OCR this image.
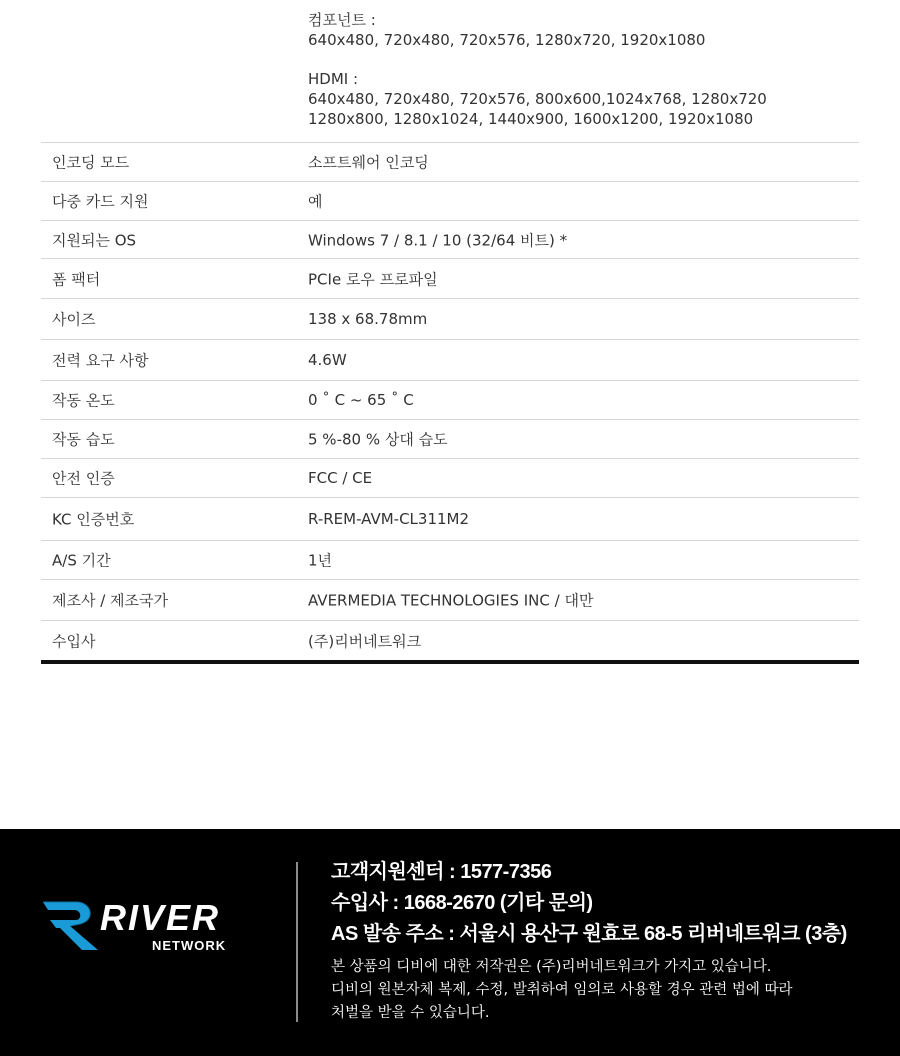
컴포넌트 :
640x480, 720x480, 720x576, 1280x720, 1920x1080
HDMI :
640x480, 720x480, 720x576, 800x600,1024x768, 1280x720
1280x800, 1280x1024, 1440x900, 1600x1200, 1920x1080
인코딩 모드	소프트웨어 인코딩
다중 카드 지원	예
지원되는 OS	Windows 7 / 8.1 / 10 (32/64 비트) *
폼 팩터	PCIe 로우 프로파일
사이즈	138 x 68.78mm
전력 요구 사항	4.6W
작동 온도	0 ˚ C ~ 65 ˚ C
작동 습도	5 %-80 % 상대 습도
안전 인증	FCC / CE
KC 인증번호	R-REM-AVM-CL311M2
A/S 기간	1년
제조사 / 제조국가	AVERMEDIA TECHNOLOGIES INC / 대만
수입사	(주)리버네트워크
RIVER
NETWORK
고객지원센터 : 1577-7356
수입사 : 1668-2670 (기타 문의)
AS 발송 주소 : 서울시 용산구 원효로 68-5 리버네트워크 (3층)
본 상품의 디비에 대한 저작권은 (주)리버네트워크가 가지고 있습니다.
디비의 원본자체 복제, 수정, 발취하여 임의로 사용할 경우 관련 법에 따라
처벌을 받을 수 있습니다.
